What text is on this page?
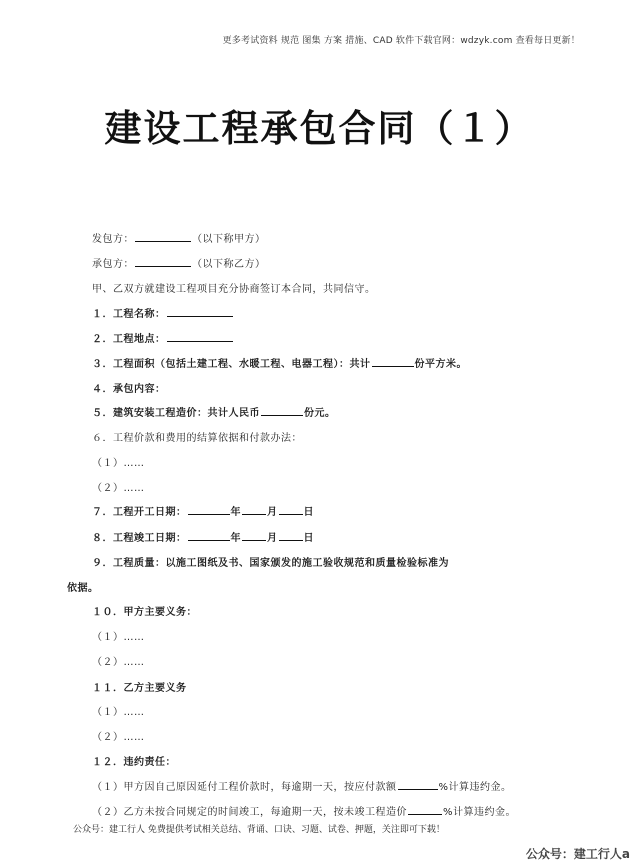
更多考试资料 规范 图集 方案 措施、CAD 软件下载官网：wdzyk.com 查看每日更新！
建设工程承包合同（１）
发包方：	（以下称甲方）
承包方：	（以下称乙方）
甲、乙双方就建设工程项目充分协商签订本合同，共同信守。
１．工程名称：
２．工程地点：
３．工程面积（包括土建工程、水暖工程、电器工程）：共计	份平方米。
４．承包内容：
５．建筑安装工程造价：共计人民币	份元。
６．工程价款和费用的结算依据和付款办法：
（１）……
（２）……
７．工程开工日期：	年	月	日
８．工程竣工日期：	年	月	日
９．工程质量：以施工图纸及书、国家颁发的施工验收规范和质量检验标准为
依据。
１０．甲方主要义务：
（１）……
（２）……
１１．乙方主要义务
（１）……
（２）……
１２．违约责任：
（１）甲方因自己原因延付工程价款时，每逾期一天，按应付款额	%计算违约金。
（２）乙方未按合同规定的时间竣工，每逾期一天，按未竣工程造价	%计算违约金。
公众号：建工行人 免费提供考试相关总结、背诵、口诀、习题、试卷、押题，关注即可下载！
公众号：建工行人a
